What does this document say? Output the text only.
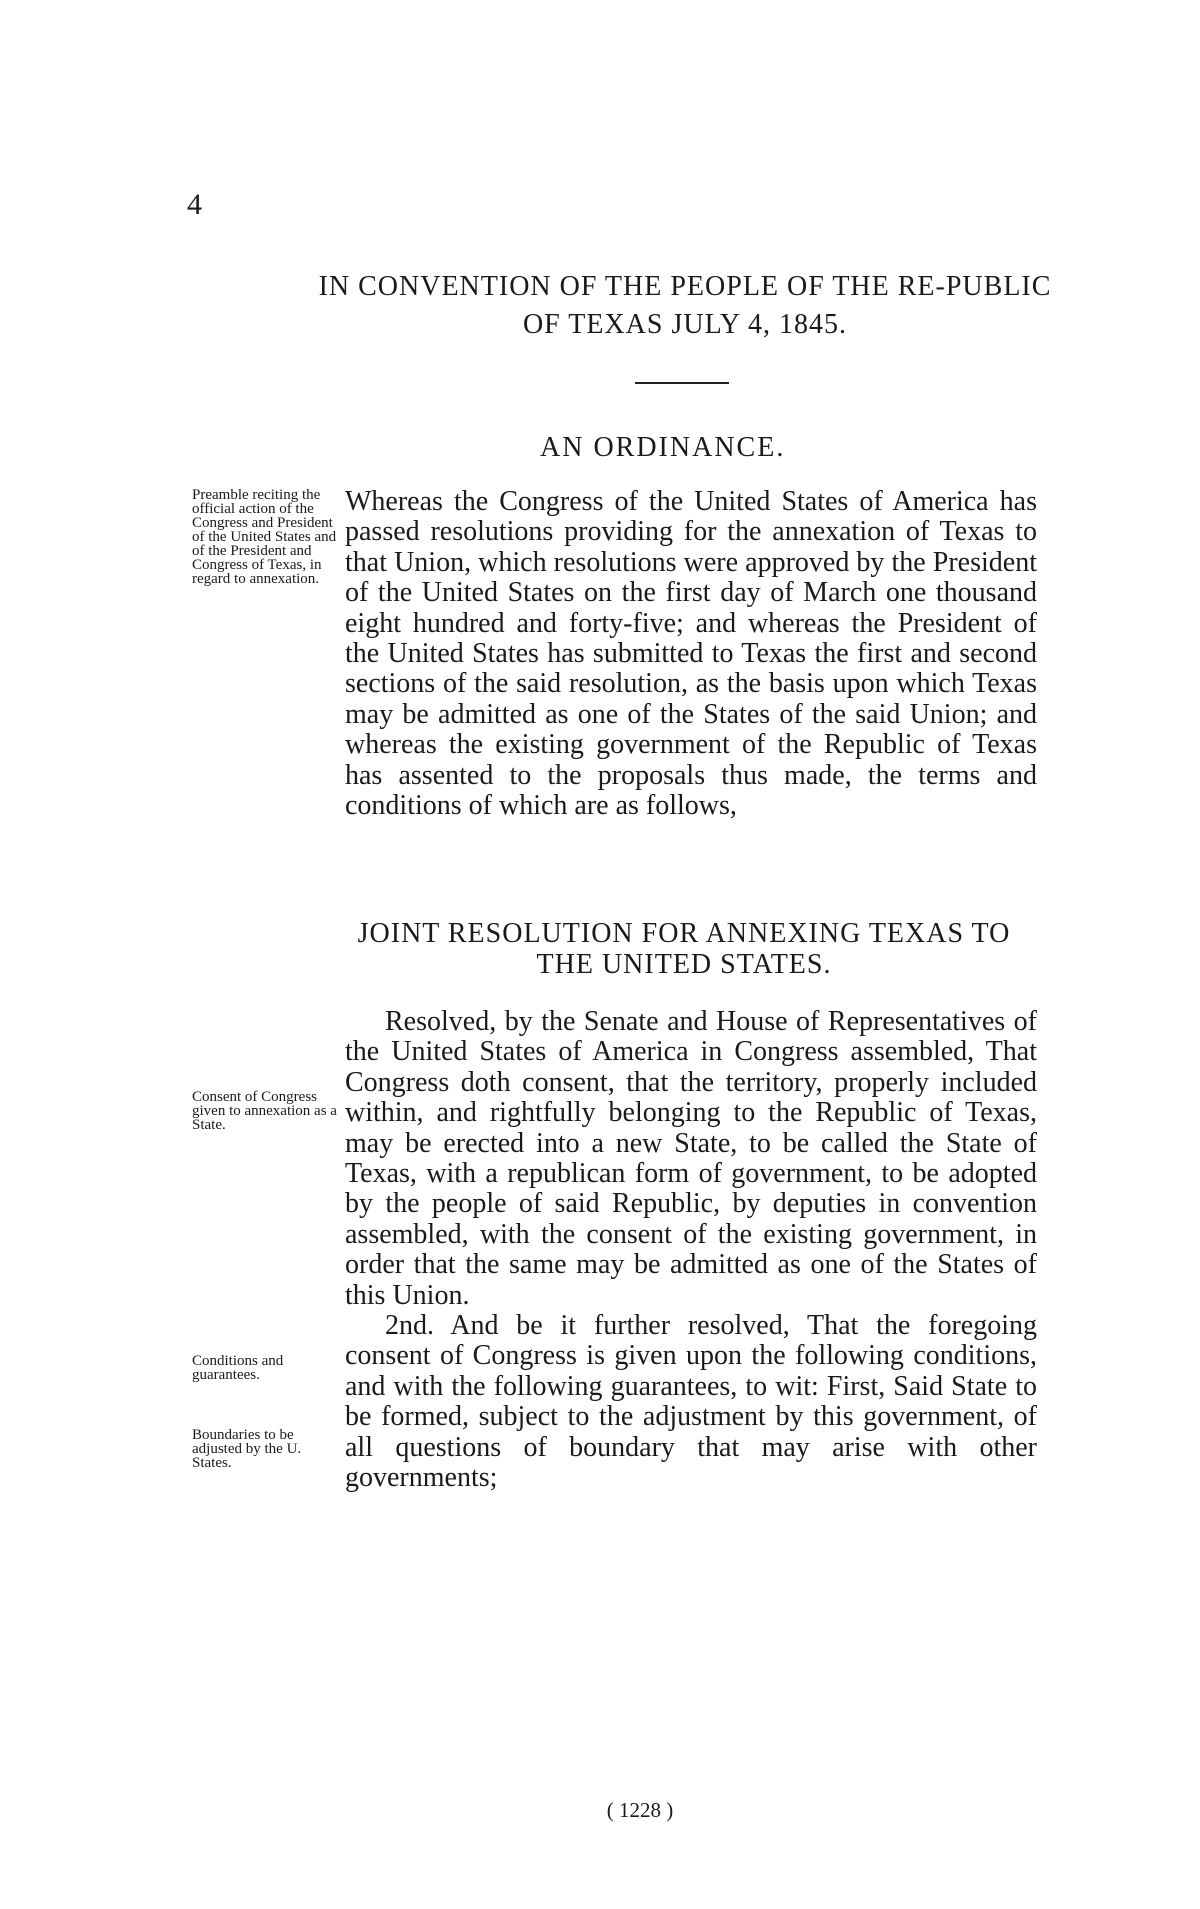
4
IN CONVENTION OF THE PEOPLE OF THE RE-PUBLIC OF TEXAS JULY 4, 1845.
AN ORDINANCE.
Preamble reciting the official action of the Congress and President of the United States and of the President and Congress of Texas, in regard to annexation.
Whereas the Congress of the United States of America has passed resolutions providing for the annexation of Texas to that Union, which resolutions were approved by the President of the United States on the first day of March one thousand eight hundred and forty-five; and whereas the President of the United States has submitted to Texas the first and second sections of the said resolution, as the basis upon which Texas may be admitted as one of the States of the said Union; and whereas the existing government of the Republic of Texas has assented to the proposals thus made, the terms and conditions of which are as follows,
JOINT RESOLUTION FOR ANNEXING TEXAS TO THE UNITED STATES.
Consent of Congress given to annexation as a State.
Conditions and guarantees.
Boundaries to be adjusted by the U. States.

Resolved, by the Senate and House of Representatives of the United States of America in Congress assembled, That Congress doth consent, that the territory, properly included within, and rightfully belonging to the Republic of Texas, may be erected into a new State, to be called the State of Texas, with a republican form of government, to be adopted by the people of said Republic, by deputies in convention assembled, with the consent of the existing government, in order that the same may be admitted as one of the States of this Union.

2nd. And be it further resolved, That the foregoing consent of Congress is given upon the following conditions, and with the following guarantees, to wit: First, Said State to be formed, subject to the adjustment by this government, of all questions of boundary that may arise with other governments;

( 1228 )
